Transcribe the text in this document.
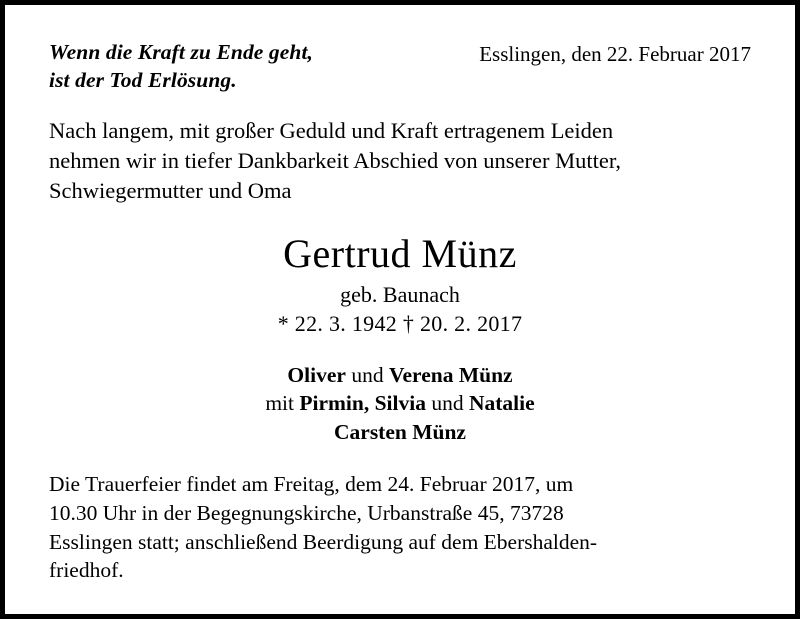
Wenn die Kraft zu Ende geht,
ist der Tod Erlösung.
Esslingen, den 22. Februar 2017
Nach langem, mit großer Geduld und Kraft ertragenem Leiden
nehmen wir in tiefer Dankbarkeit Abschied von unserer Mutter,
Schwiegermutter und Oma
Gertrud Münz
geb. Baunach
* 22. 3. 1942 † 20. 2. 2017
Oliver und Verena Münz
mit Pirmin, Silvia und Natalie
Carsten Münz
Die Trauerfeier findet am Freitag, dem 24. Februar 2017, um
10.30 Uhr in der Begegnungskirche, Urbanstraße 45, 73728
Esslingen statt; anschließend Beerdigung auf dem Ebershalden-
friedhof.
